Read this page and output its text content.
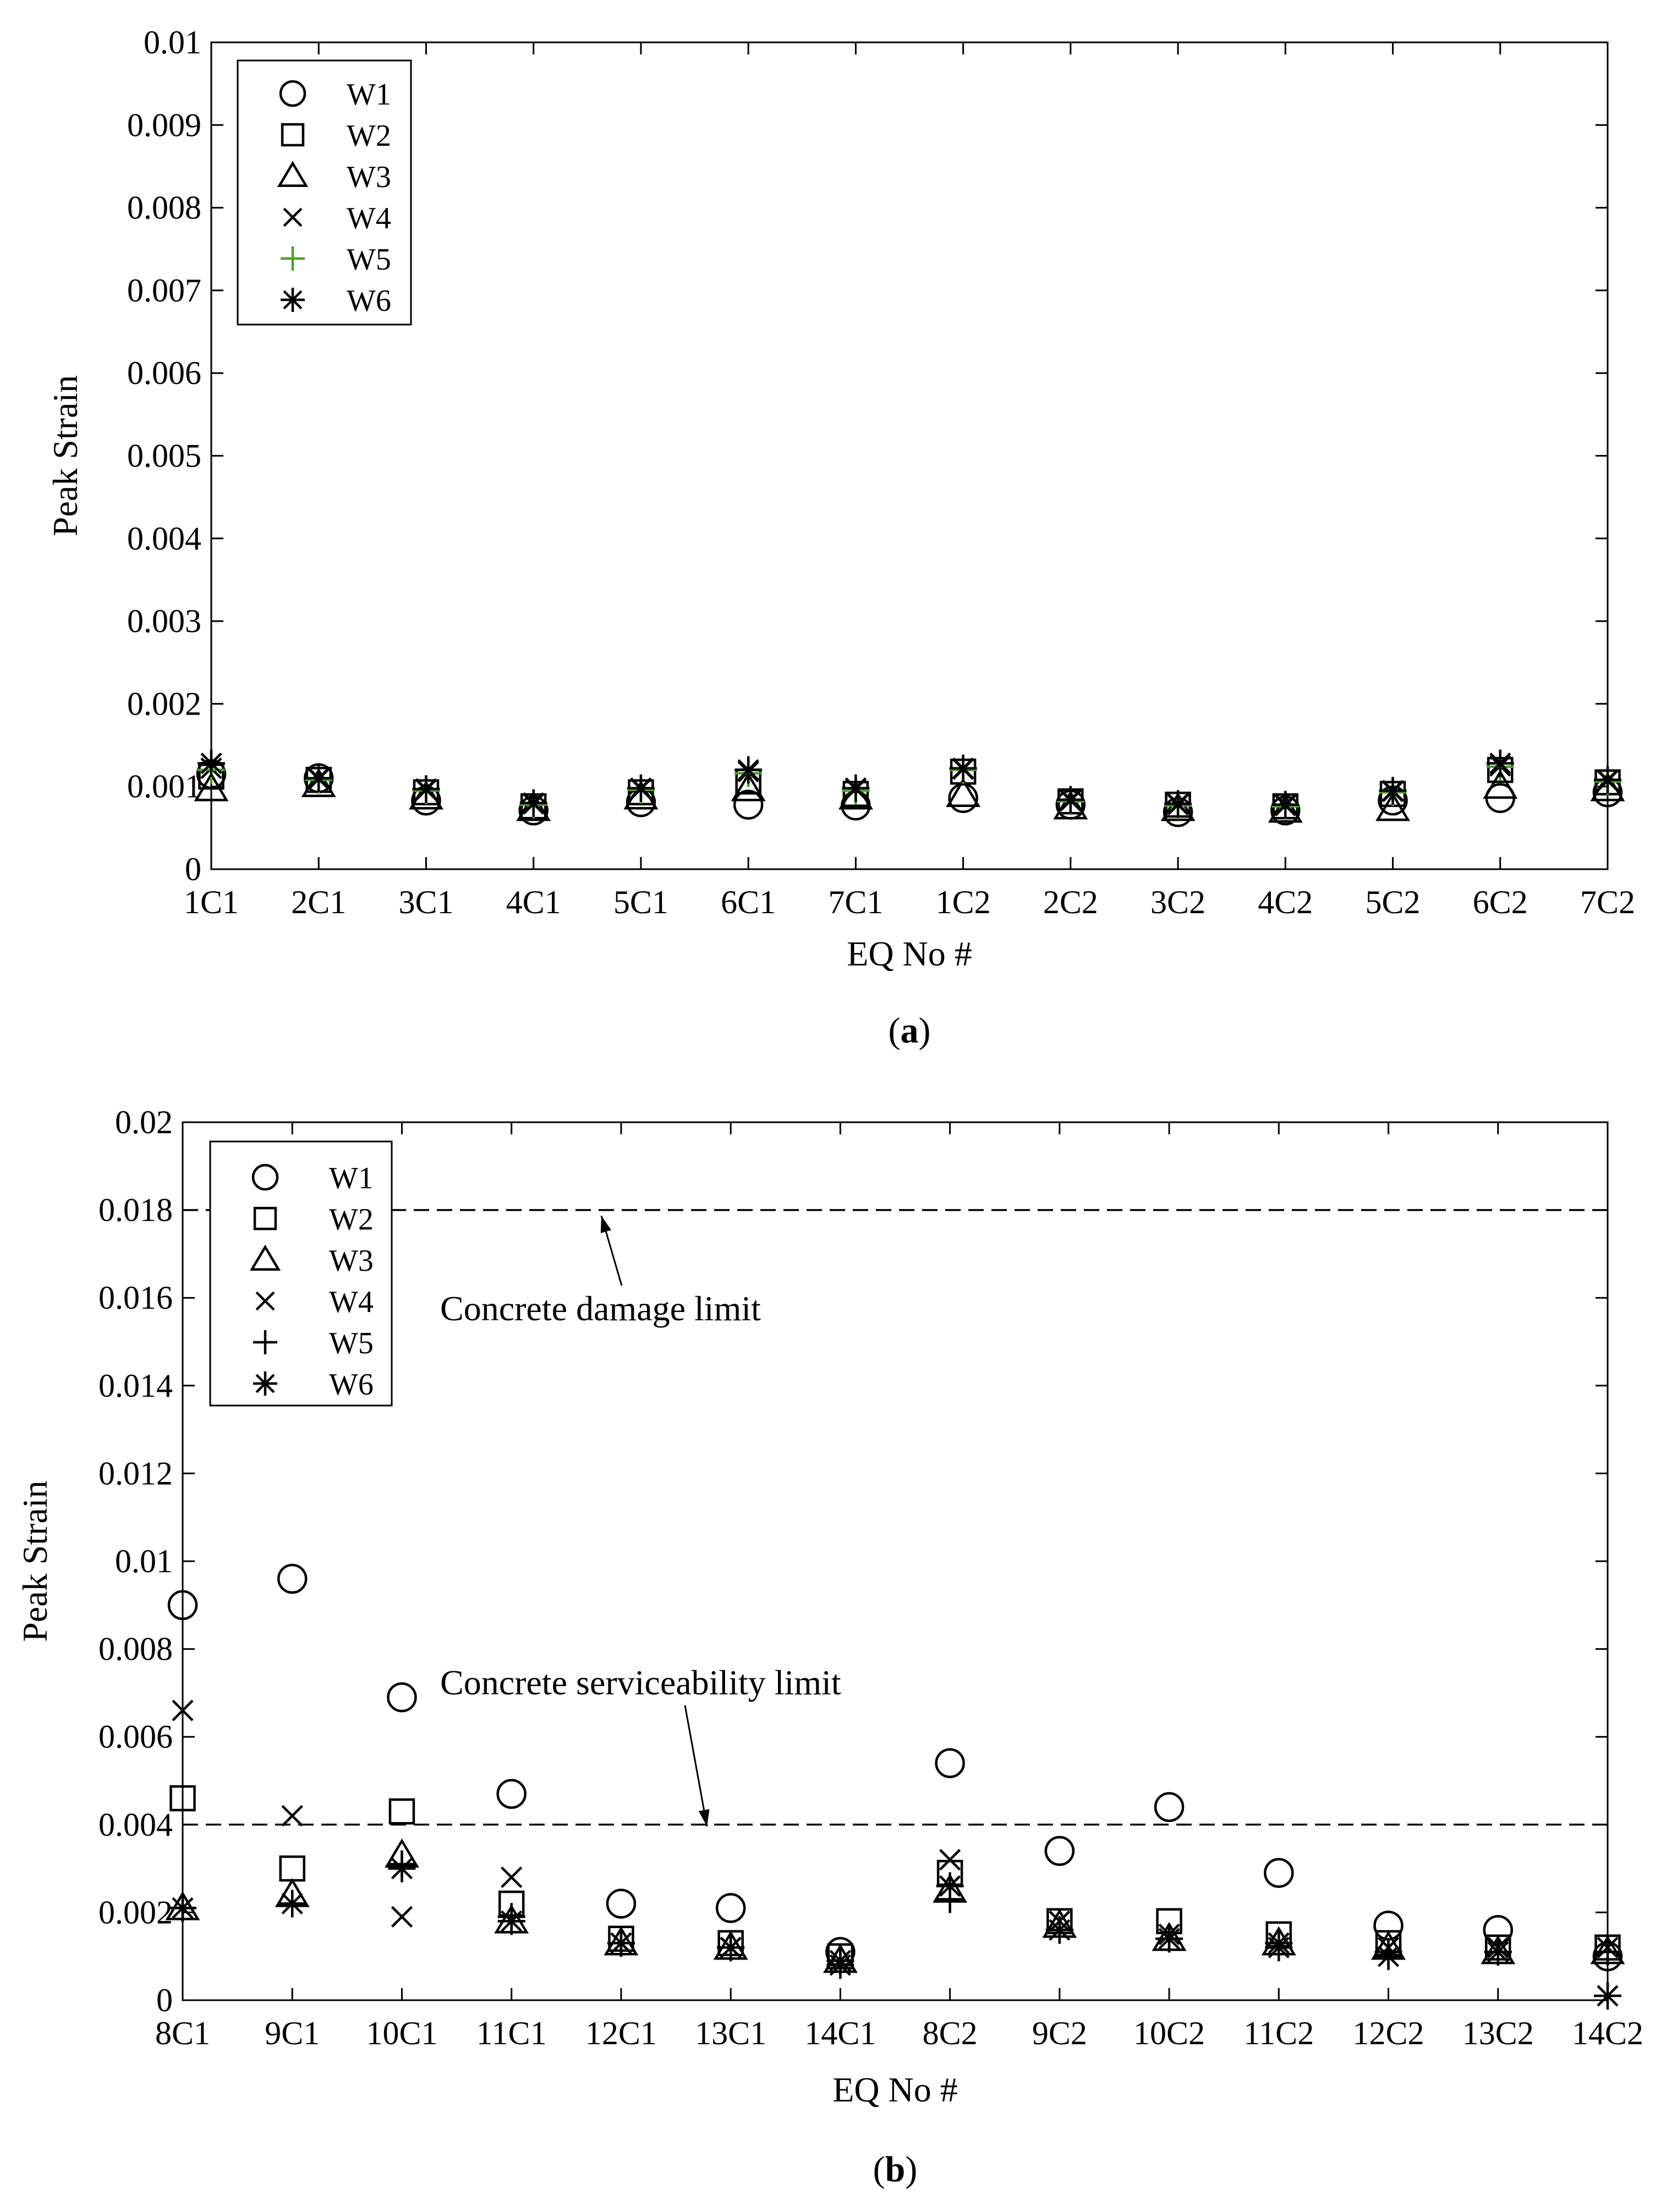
0
0.001
0.002
0.003
0.004
0.005
0.006
0.007
0.008
0.009
0.01
1C1 2C1 3C1 4C1 5C1 6C1 7C1 1C2 2C2 3C2 4C2 5C2 6C2 7C2
EQ No #
Peak Strain
(a)
W1
W2
W3
W4
W5
W6
0
0.002
0.004
0.006
0.008
0.01
0.012
0.014
0.016
0.018
0.02
8C1 9C1 10C1 11C1 12C1 13C1 14C1 8C2 9C2 10C2 11C2 12C2 13C2 14C2
EQ No #
Peak Strain
(b)
Concrete damage limit
Concrete serviceability limit
W1
W2
W3
W4
W5
W6
